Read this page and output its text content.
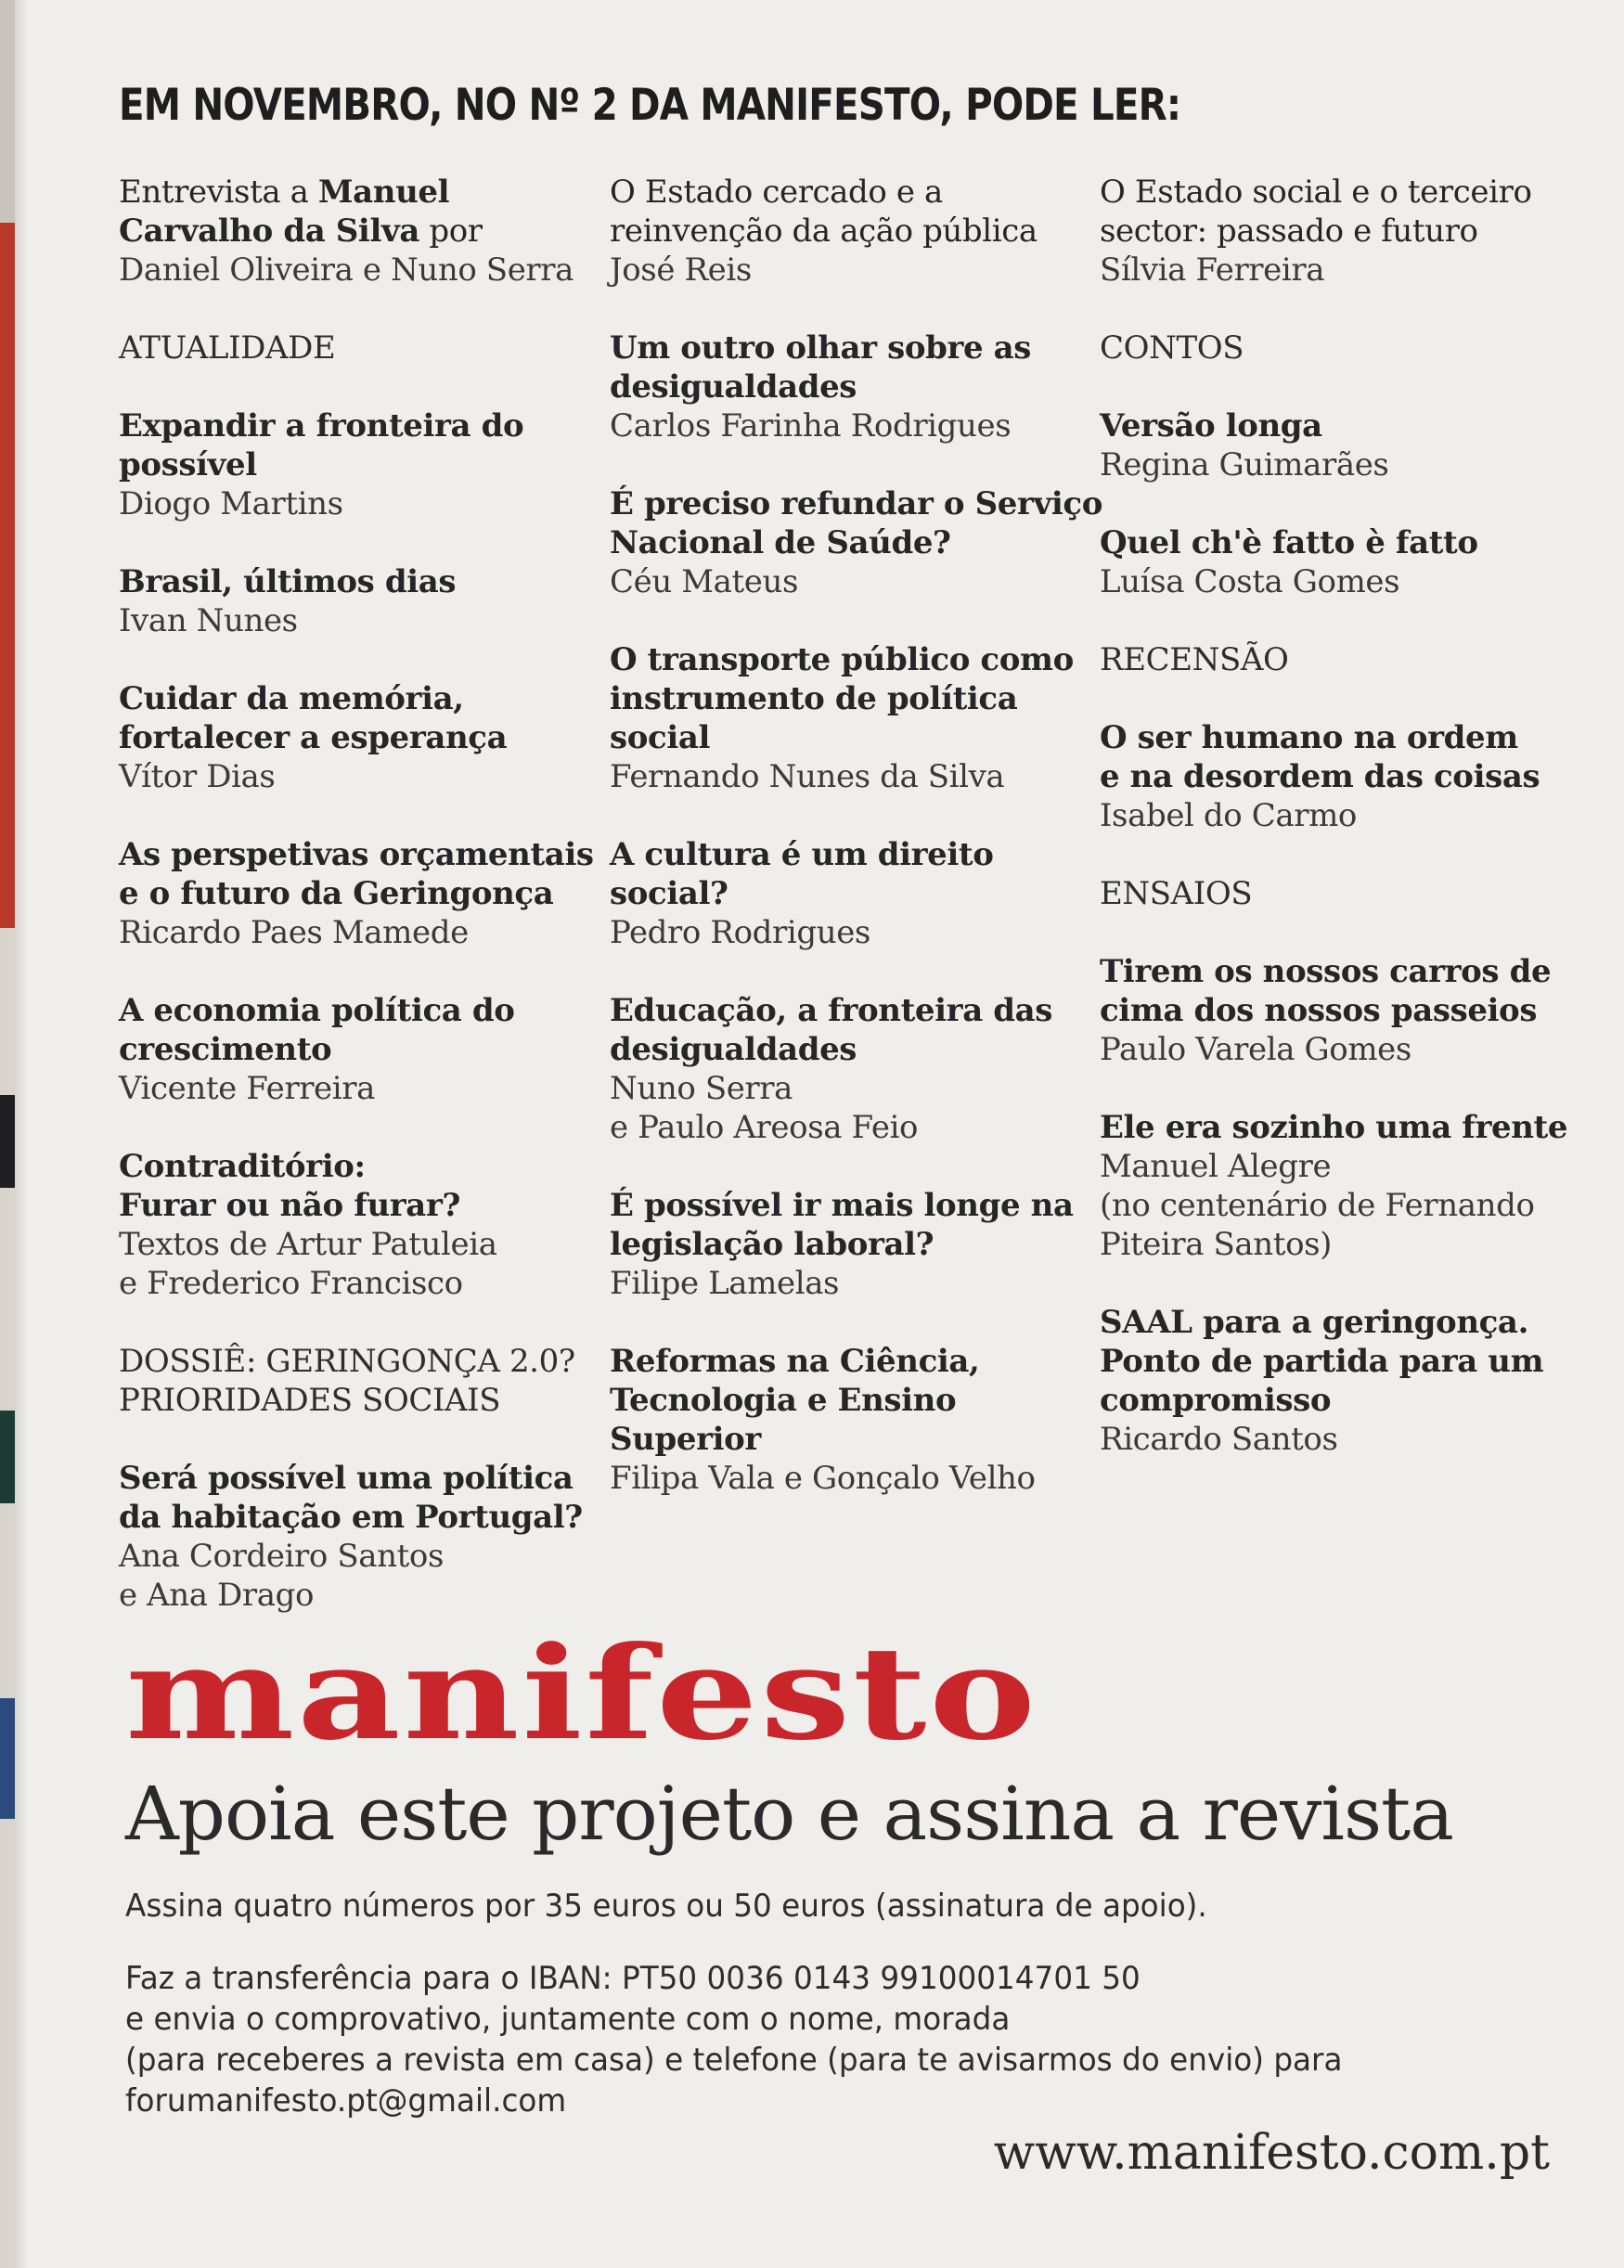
EM NOVEMBRO, NO Nº 2 DA MANIFESTO, PODE LER:
Entrevista a Manuel
Carvalho da Silva por
Daniel Oliveira e Nuno Serra
ATUALIDADE
Expandir a fronteira do
possível
Diogo Martins
Brasil, últimos dias
Ivan Nunes
Cuidar da memória,
fortalecer a esperança
Vítor Dias
As perspetivas orçamentais
e o futuro da Geringonça
Ricardo Paes Mamede
A economia política do
crescimento
Vicente Ferreira
Contraditório:
Furar ou não furar?
Textos de Artur Patuleia
e Frederico Francisco
DOSSIÊ: GERINGONÇA 2.0?
PRIORIDADES SOCIAIS
Será possível uma política
da habitação em Portugal?
Ana Cordeiro Santos
e Ana Drago
O Estado cercado e a
reinvenção da ação pública
José Reis
Um outro olhar sobre as
desigualdades
Carlos Farinha Rodrigues
É preciso refundar o Serviço
Nacional de Saúde?
Céu Mateus
O transporte público como
instrumento de política
social
Fernando Nunes da Silva
A cultura é um direito
social?
Pedro Rodrigues
Educação, a fronteira das
desigualdades
Nuno Serra
e Paulo Areosa Feio
É possível ir mais longe na
legislação laboral?
Filipe Lamelas
Reformas na Ciência,
Tecnologia e Ensino
Superior
Filipa Vala e Gonçalo Velho
O Estado social e o terceiro
sector: passado e futuro
Sílvia Ferreira
CONTOS
Versão longa
Regina Guimarães
Quel ch'è fatto è fatto
Luísa Costa Gomes
RECENSÃO
O ser humano na ordem
e na desordem das coisas
Isabel do Carmo
ENSAIOS
Tirem os nossos carros de
cima dos nossos passeios
Paulo Varela Gomes
Ele era sozinho uma frente
Manuel Alegre
(no centenário de Fernando
Piteira Santos)
SAAL para a geringonça.
Ponto de partida para um
compromisso
Ricardo Santos
manifesto
Apoia este projeto e assina a revista
Assina quatro números por 35 euros ou 50 euros (assinatura de apoio).
Faz a transferência para o IBAN: PT50 0036 0143 99100014701 50
e envia o comprovativo, juntamente com o nome, morada
(para receberes a revista em casa) e telefone (para te avisarmos do envio) para
forumanifesto.pt@gmail.com
www.manifesto.com.pt
